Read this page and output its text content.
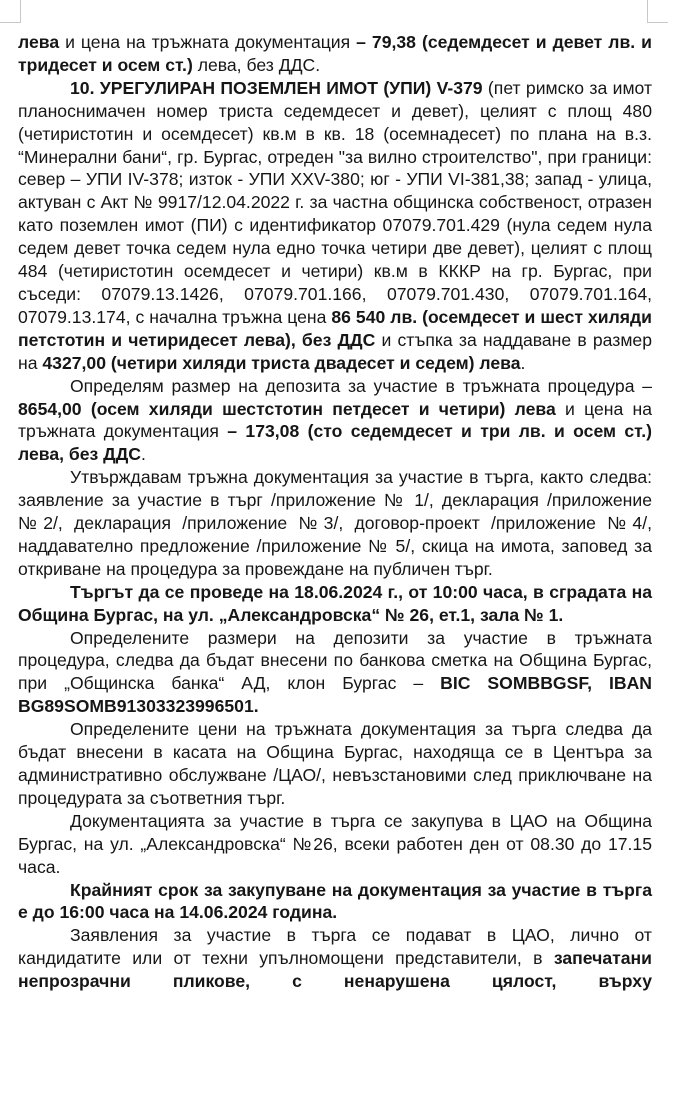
лева и цена на тръжната документация – 79,38 (седемдесет и девет лв. и тридесет и осем ст.) лева, без ДДС.

10. УРЕГУЛИРАН ПОЗЕМЛЕН ИМОТ (УПИ) V-379 (пет римско за имот планоснимачен номер триста седемдесет и девет), целият с площ 480 (четиристотин и осемдесет) кв.м в кв. 18 (осемнадесет) по плана на в.з. “Минерални бани“, гр. Бургас, отреден "за вилно строителство", при граници: север – УПИ IV-378; изток - УПИ XXV-380; юг - УПИ VI-381,38; запад - улица, актуван с Акт № 9917/12.04.2022 г. за частна общинска собственост, отразен като поземлен имот (ПИ) с идентификатор 07079.701.429 (нула седем нула седем девет точка седем нула едно точка четири две девет), целият с площ 484 (четиристотин осемдесет и четири) кв.м в КККР на гр. Бургас, при съседи: 07079.13.1426, 07079.701.166, 07079.701.430, 07079.701.164, 07079.13.174, с начална тръжна цена 86 540 лв. (осемдесет и шест хиляди петстотин и четиридесет лева), без ДДС и стъпка за наддаване в размер на 4327,00 (четири хиляди триста двадесет и седем) лева.

Определям размер на депозита за участие в тръжната процедура – 8654,00 (осем хиляди шестстотин петдесет и четири) лева и цена на тръжната документация – 173,08 (сто седемдесет и три лв. и осем ст.) лева, без ДДС.

Утвърждавам тръжна документация за участие в търга, както следва: заявление за участие в търг /приложение № 1/, декларация /приложение №2/, декларация /приложение №3/, договор-проект /приложение №4/, наддавателно предложение /приложение № 5/, скица на имота, заповед за откриване на процедура за провеждане на публичен търг.

Търгът да се проведе на 18.06.2024 г., от 10:00 часа, в сградата на Община Бургас, на ул. „Александровска“ № 26, ет.1, зала № 1.

Определените размери на депозити за участие в тръжната процедура, следва да бъдат внесени по банкова сметка на Община Бургас, при „Общинска банка“ АД, клон Бургас – BIC SOMBBGSF, IBAN BG89SOMB91303323996501.

Определените цени на тръжната документация за търга следва да бъдат внесени в касата на Община Бургас, находяща се в Центъра за административно обслужване /ЦАО/, невъзстановими след приключване на процедурата за съответния търг.

Документацията за участие в търга се закупува в ЦАО на Община Бургас, на ул. „Александровска“ №26, всеки работен ден от 08.30 до 17.15 часа.

Крайният срок за закупуване на документация за участие в търга е до 16:00 часа на 14.06.2024 година.

Заявления за участие в търга се подават в ЦАО, лично от кандидатите или от техни упълномощени представители, в запечатани непрозрачни пликове, с ненарушена цялост, върху
